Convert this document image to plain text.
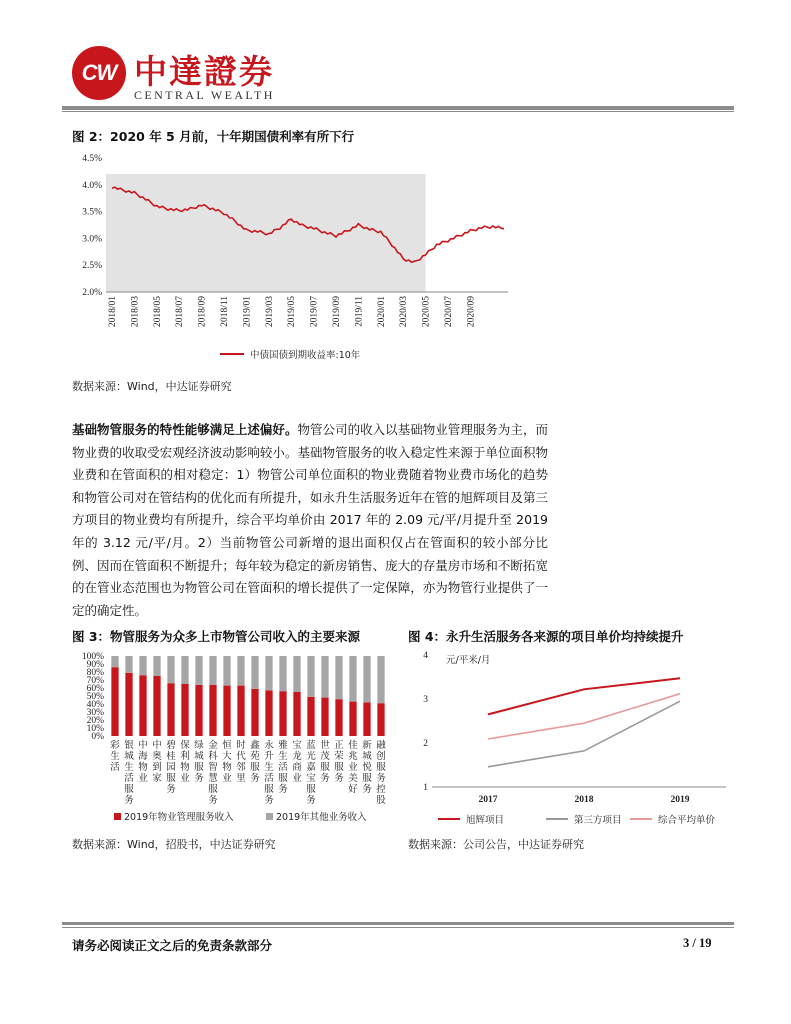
CW 中達證券
CENTRAL WEALTH
图 2：2020 年 5 月前，十年期国债利率有所下行
2.0%
2.5%
3.0%
3.5%
4.0%
4.5%
2018/01 2018/03 2018/05 2018/07 2018/09 2018/11 2019/01 2019/03 2019/05 2019/07 2019/09 2019/11 2020/01 2020/03 2020/05 2020/07 2020/09
中债国债到期收益率:10年
数据来源：Wind，中达证券研究
基础物管服务的特性能够满足上述偏好。物管公司的收入以基础物业管理服务为主，而物业费的收取受宏观经济波动影响较小。基础物管服务的收入稳定性来源于单位面积物业费和在管面积的相对稳定：1）物管公司单位面积的物业费随着物业费市场化的趋势和物管公司对在管结构的优化而有所提升，如永升生活服务近年在管的旭辉项目及第三方项目的物业费均有所提升，综合平均单价由 2017 年的 2.09 元/平/月提升至 2019 年的 3.12 元/平/月。2）当前物管公司新增的退出面积仅占在管面积的较小部分比例、因而在管面积不断提升；每年较为稳定的新房销售、庞大的存量房市场和不断拓宽的在管业态范围也为物管公司在管面积的增长提供了一定保障，亦为物管行业提供了一定的确定性。
图 3：物管服务为众多上市物管公司收入的主要来源
0%
10%
20%
30%
40%
50%
60%
70%
80%
90%
100%
彩生活
银城生活服务
中海物业
中奥到家
碧桂园服务
保利物业
绿城服务
金科智慧服务
恒大物业
时代邻里
鑫苑服务
永升生活服务
雅生活服务
宝龙商业
蓝光嘉宝服务
世茂服务
正荣服务
佳兆业美好
新城悦服务
融创服务控股
2019年物业管理服务收入	2019年其他业务收入
数据来源：Wind，招股书，中达证券研究
图 4：永升生活服务各来源的项目单价均持续提升
元/平米/月
1
2
3
4
2017	2018	2019
旭辉项目	第三方项目	综合平均单价
数据来源：公司公告，中达证券研究
请务必阅读正文之后的免责条款部分	3 / 19
